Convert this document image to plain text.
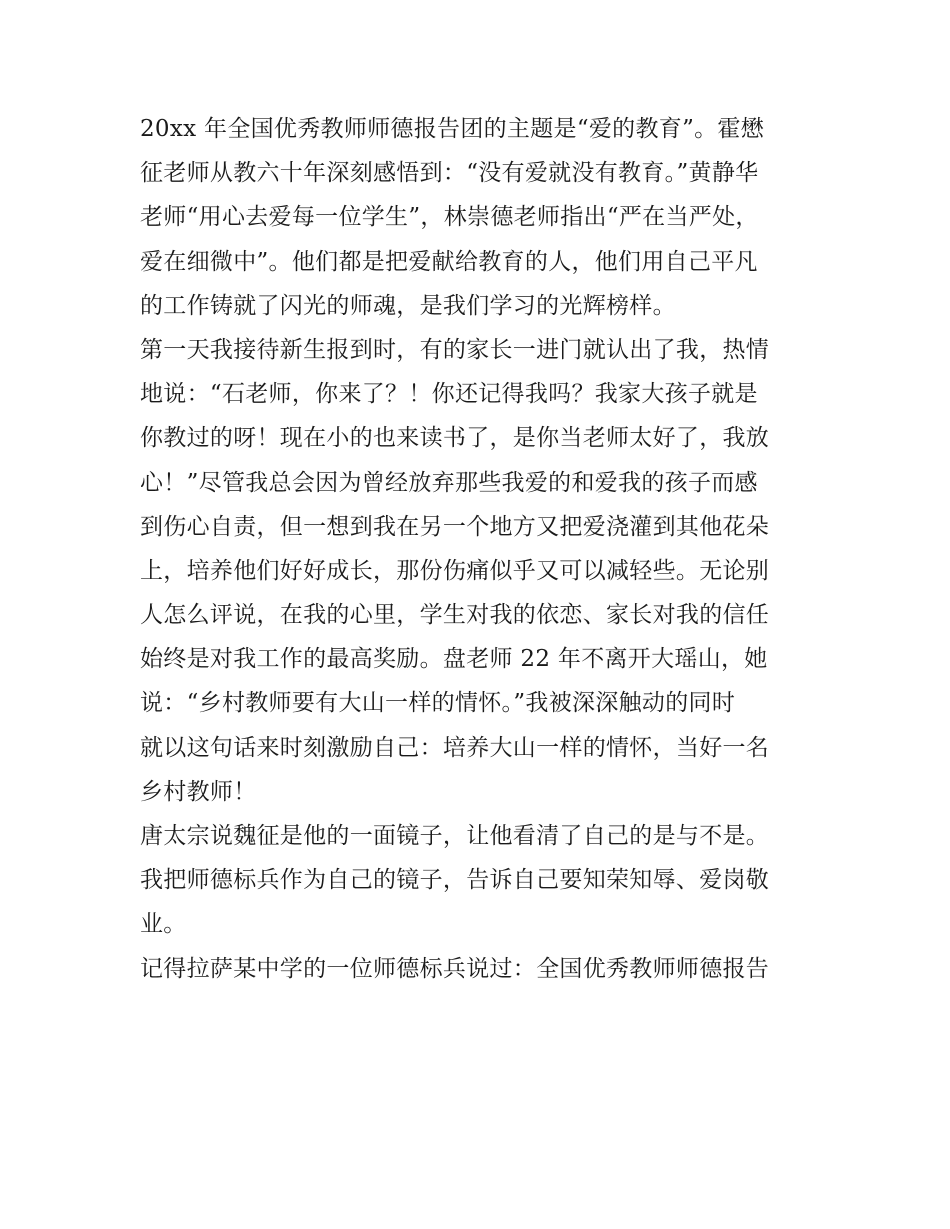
20xx 年全国优秀教师师德报告团的主题是“爱的教育”。霍懋
征老师从教六十年深刻感悟到：“没有爱就没有教育。”黄静华
老师“用心去爱每一位学生”，林崇德老师指出“严在当严处，
爱在细微中”。他们都是把爱献给教育的人，他们用自己平凡
的工作铸就了闪光的师魂，是我们学习的光辉榜样。
第一天我接待新生报到时，有的家长一进门就认出了我，热情
地说：“石老师，你来了？！你还记得我吗？我家大孩子就是
你教过的呀！现在小的也来读书了，是你当老师太好了，我放
心！”尽管我总会因为曾经放弃那些我爱的和爱我的孩子而感
到伤心自责，但一想到我在另一个地方又把爱浇灌到其他花朵
上，培养他们好好成长，那份伤痛似乎又可以减轻些。无论别
人怎么评说，在我的心里，学生对我的依恋、家长对我的信任
始终是对我工作的最高奖励。盘老师 22 年不离开大瑶山，她
说：“乡村教师要有大山一样的情怀。”我被深深触动的同时
就以这句话来时刻激励自己：培养大山一样的情怀，当好一名
乡村教师！
唐太宗说魏征是他的一面镜子，让他看清了自己的是与不是。
我把师德标兵作为自己的镜子，告诉自己要知荣知辱、爱岗敬
业。
记得拉萨某中学的一位师德标兵说过：全国优秀教师师德报告
